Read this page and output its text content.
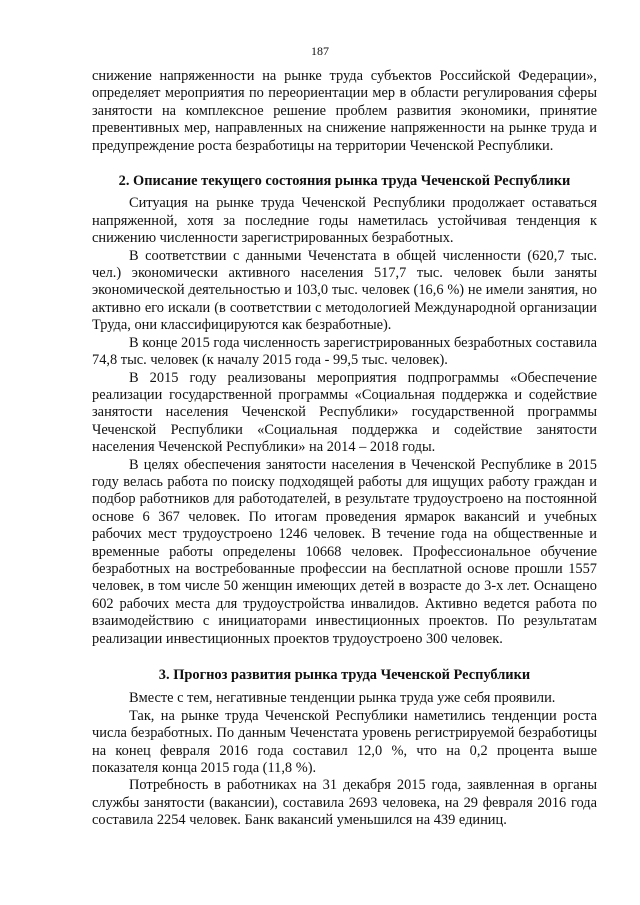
187

снижение напряженности на рынке труда субъектов Российской Федерации», определяет мероприятия по переориентации мер в области регулирования сферы занятости на комплексное решение проблем развития экономики, принятие превентивных мер, направленных на снижение напряженности на рынке труда и предупреждение роста безработицы на территории Чеченской Республики.

2. Описание текущего состояния рынка труда Чеченской Республики

Ситуация на рынке труда Чеченской Республики продолжает оставаться напряженной, хотя за последние годы наметилась устойчивая тенденция к снижению численности зарегистрированных безработных.

В соответствии с данными Чеченстата в общей численности (620,7 тыс. чел.) экономически активного населения 517,7 тыс. человек были заняты экономической деятельностью и 103,0 тыс. человек (16,6 %) не имели занятия, но активно его искали (в соответствии с методологией Международной организации Труда, они классифицируются как безработные).

В конце 2015 года численность зарегистрированных безработных составила 74,8 тыс. человек (к началу 2015 года - 99,5 тыс. человек).

В 2015 году реализованы мероприятия подпрограммы «Обеспечение реализации государственной программы «Социальная поддержка и содействие занятости населения Чеченской Республики» государственной программы Чеченской Республики «Социальная поддержка и содействие занятости населения Чеченской Республики» на 2014 – 2018 годы.

В целях обеспечения занятости населения в Чеченской Республике в 2015 году велась работа по поиску подходящей работы для ищущих работу граждан и подбор работников для работодателей, в результате трудоустроено на постоянной основе 6 367 человек. По итогам проведения ярмарок вакансий и учебных рабочих мест трудоустроено 1246 человек. В течение года на общественные и временные работы определены 10668 человек. Профессиональное обучение безработных на востребованные профессии на бесплатной основе прошли 1557 человек, в том числе 50 женщин имеющих детей в возрасте до 3-х лет. Оснащено 602 рабочих места для трудоустройства инвалидов. Активно ведется работа по взаимодействию с инициаторами инвестиционных проектов. По результатам реализации инвестиционных проектов трудоустроено 300 человек.

3. Прогноз развития рынка труда Чеченской Республики

Вместе с тем, негативные тенденции рынка труда уже себя проявили.

Так, на рынке труда Чеченской Республики наметились тенденции роста числа безработных. По данным Чеченстата уровень регистрируемой безработицы на конец февраля 2016 года составил 12,0 %, что на 0,2 процента выше показателя конца 2015 года (11,8 %).

Потребность в работниках на 31 декабря 2015 года, заявленная в органы службы занятости (вакансии), составила 2693 человека, на 29 февраля 2016 года составила 2254 человек. Банк вакансий уменьшился на 439 единиц.
